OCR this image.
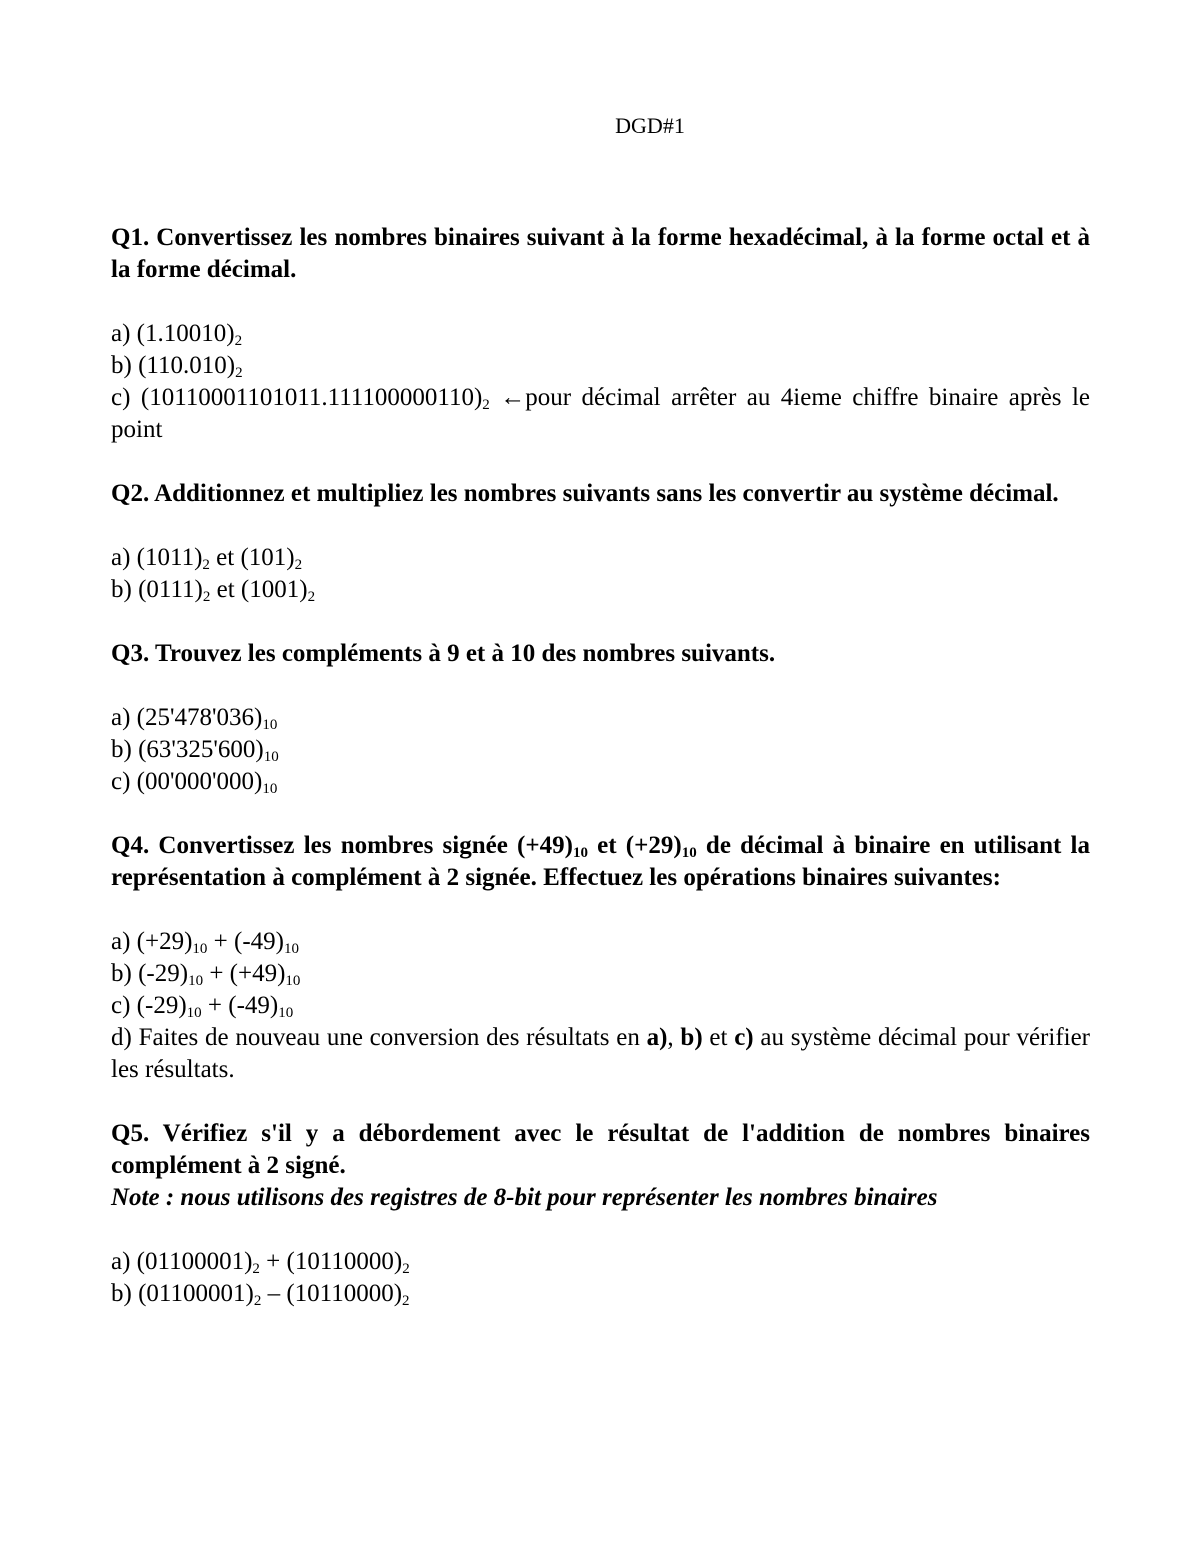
DGD#1

Q1. Convertissez les nombres binaires suivant à la forme hexadécimal, à la forme octal et à la forme décimal.

a) $(1.10010)_2$

b) $(110.010)_2$

c) $(10110001101011.111100000110)_2$ ←pour décimal arrêter au 4ieme chiffre binaire après le point

Q2. Additionnez et multipliez les nombres suivants sans les convertir au système décimal.

a) $(1011)_2$ et $(101)_2$

b) $(0111)_2$ et $(1001)_2$

Q3. Trouvez les compléments à 9 et à 10 des nombres suivants.

a) $(25'478'036)_{10}$

b) $(63'325'600)_{10}$

c) $(00'000'000)_{10}$

Q4. Convertissez les nombres signée $(+49)_{10}$ et $(+29)_{10}$ de décimal à binaire en utilisant la représentation à complément à 2 signée. Effectuez les opérations binaires suivantes:

a) $(+29)_{10} + (-49)_{10}$

b) $(-29)_{10} + (+49)_{10}$

c) $(-29)_{10} + (-49)_{10}$

d) Faites de nouveau une conversion des résultats en a), b) et c) au système décimal pour vérifier les résultats.

Q5. Vérifiez s'il y a débordement avec le résultat de l'addition de nombres binaires complément à 2 signé.

Note : nous utilisons des registres de 8-bit pour représenter les nombres binaires

a) $(01100001)_2 + (10110000)_2$

b) $(01100001)_2 - (10110000)_2$
